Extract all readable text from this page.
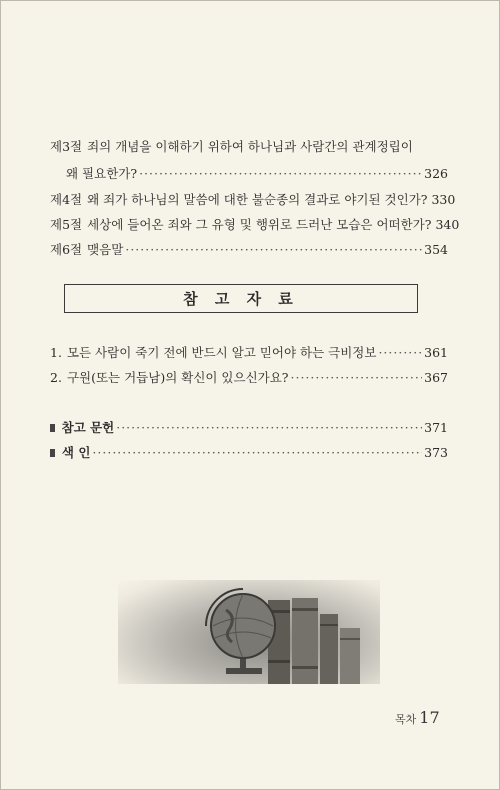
제3절 죄의 개념을 이해하기 위하여 하나님과 사람간의 관계정립이
왜 필요한가? ·····	326
제4절 왜 죄가 하나님의 말씀에 대한 불순종의 결과로 야기된 것인가? 330
제5절 세상에 들어온 죄와 그 유형 및 행위로 드러난 모습은 어떠한가? 340
제6절 맺음말 ·····	354
참 고 자 료
1. 모든 사람이 죽기 전에 반드시 알고 믿어야 하는 극비정보 ·····	361
2. 구원(또는 거듭남)의 확신이 있으신가요? ·····	367
참고 문헌 ·····	371
색 인 ·····	373
목차 17
